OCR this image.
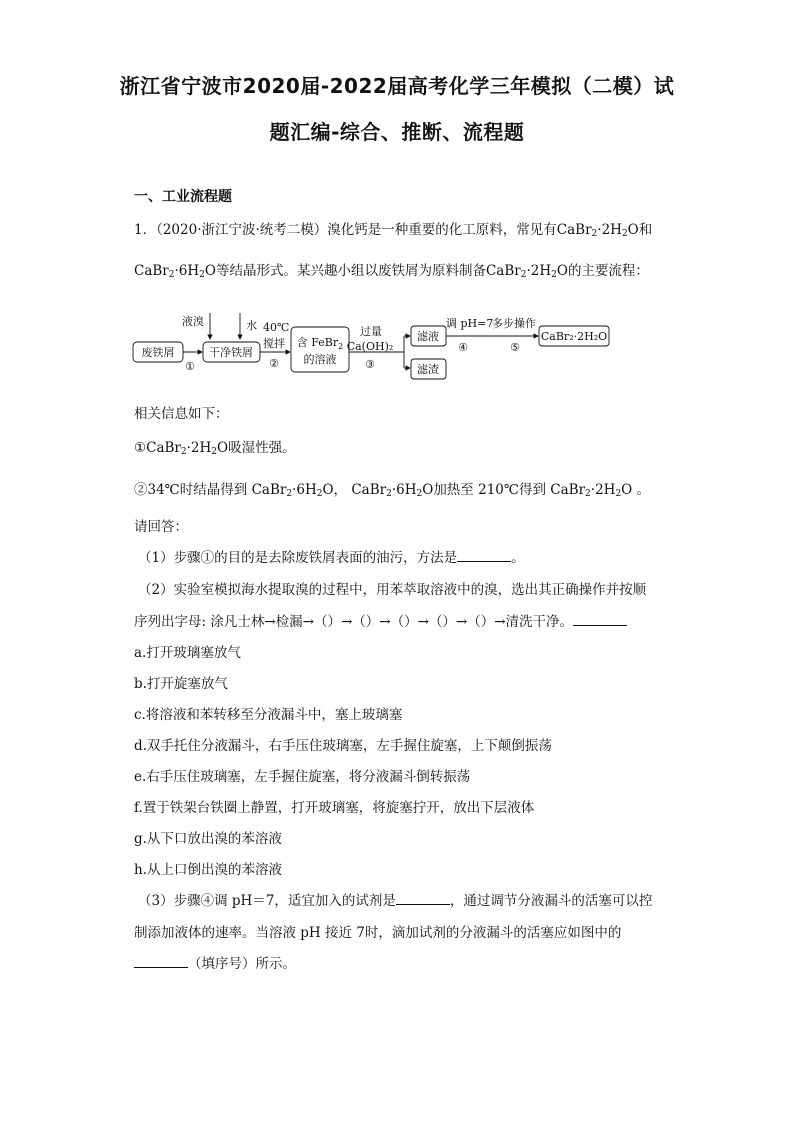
浙江省宁波市2020届-2022届高考化学三年模拟（二模）试
题汇编-综合、推断、流程题
一、工业流程题
1．（2020·浙江宁波·统考二模）溴化钙是一种重要的化工原料，常见有$CaBr_2\cdot 2H_2O$和
$CaBr_2\cdot 6H_2O$等结晶形式。某兴趣小组以废铁屑为原料制备$CaBr_2\cdot 2H_2O$的主要流程：
废铁屑
液溴
①
干净铁屑
水 40℃
搅拌
②
含 FeBr$_2$
的溶液
过量
Ca(OH)₂
③
滤液
滤渣
调 pH=7
多步操作
④	⑤
CaBr₂·2H₂O
相关信息如下：
$①CaBr_2\cdot 2H_2O$吸湿性强。
②34℃时结晶得到 $CaBr_2\cdot 6H_2O$， $CaBr_2\cdot 6H_2O$加热至 210℃得到 $CaBr_2\cdot 2H_2O$ 。
请回答：
（1）步骤①的目的是去除废铁屑表面的油污，方法是	。
（2）实验室模拟海水提取溴的过程中，用苯萃取溶液中的溴，选出其正确操作并按顺
序列出字母: 涂凡士林→检漏→（）→（）→（）→（）→（）→清洗干净。
a.打开玻璃塞放气
b.打开旋塞放气
c.将溶液和苯转移至分液漏斗中，塞上玻璃塞
d.双手托住分液漏斗，右手压住玻璃塞，左手握住旋塞，上下颠倒振荡
e.右手压住玻璃塞，左手握住旋塞，将分液漏斗倒转振荡
f.置于铁架台铁圈上静置，打开玻璃塞，将旋塞拧开，放出下层液体
g.从下口放出溴的苯溶液
h.从上口倒出溴的苯溶液
（3）步骤④调 pH＝7，适宜加入的试剂是	，通过调节分液漏斗的活塞可以控
制添加液体的速率。当溶液 pH 接近 7时，滴加试剂的分液漏斗的活塞应如图中的
（填序号）所示。
